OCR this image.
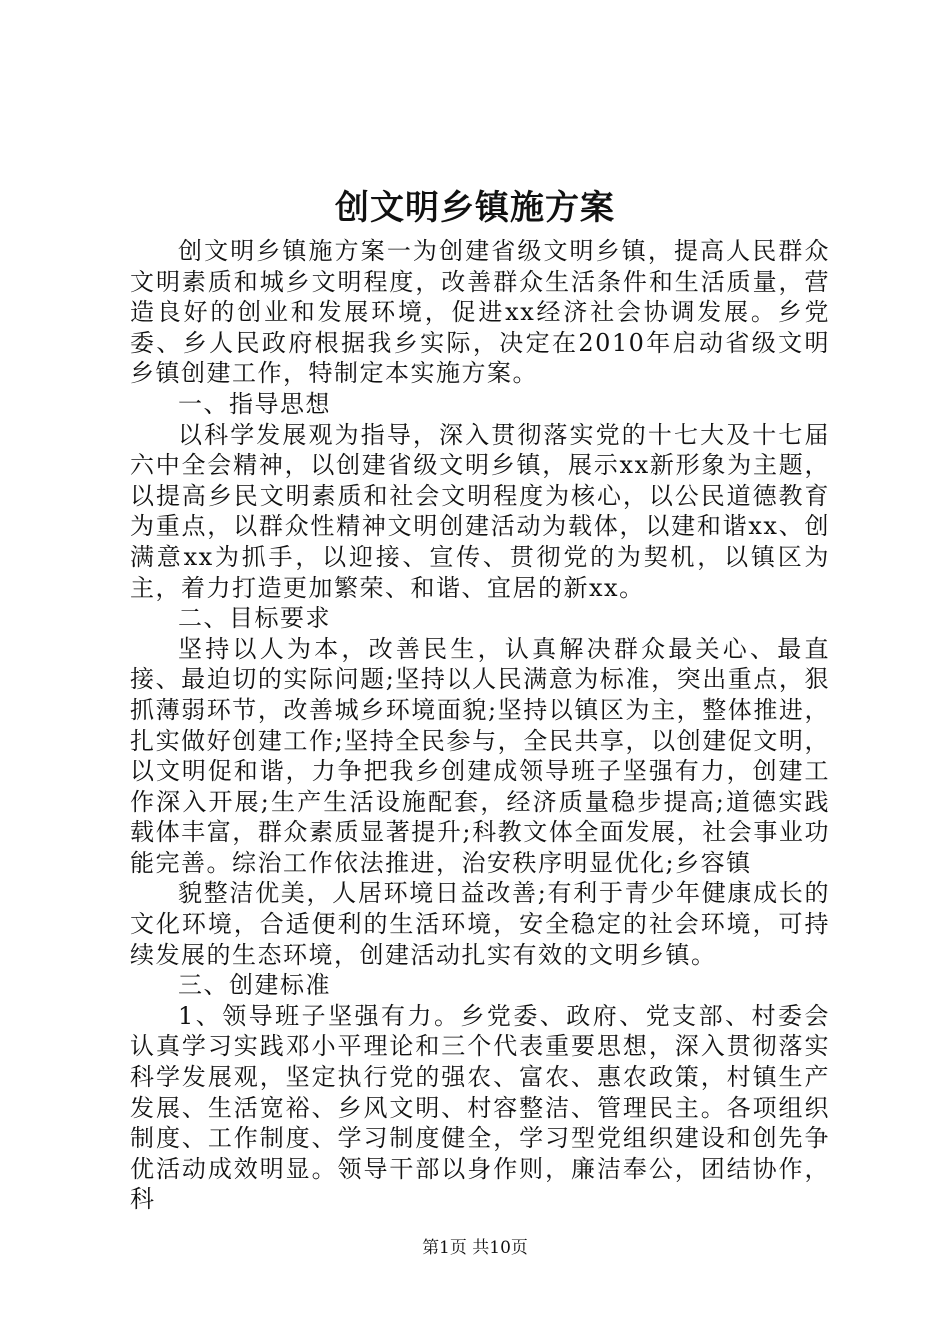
创文明乡镇施方案

创文明乡镇施方案一为创建省级文明乡镇，提高人民群众文明素质和城乡文明程度，改善群众生活条件和生活质量，营造良好的创业和发展环境，促进xx经济社会协调发展。乡党委、乡人民政府根据我乡实际，决定在2010年启动省级文明乡镇创建工作，特制定本实施方案。

一、指导思想

以科学发展观为指导，深入贯彻落实党的十七大及十七届六中全会精神，以创建省级文明乡镇，展示xx新形象为主题，以提高乡民文明素质和社会文明程度为核心，以公民道德教育为重点，以群众性精神文明创建活动为载体，以建和谐xx、创满意xx为抓手，以迎接、宣传、贯彻党的为契机，以镇区为主，着力打造更加繁荣、和谐、宜居的新xx。

二、目标要求

坚持以人为本，改善民生，认真解决群众最关心、最直接、最迫切的实际问题;坚持以人民满意为标准，突出重点，狠抓薄弱环节，改善城乡环境面貌;坚持以镇区为主，整体推进，扎实做好创建工作;坚持全民参与，全民共享，以创建促文明，以文明促和谐，力争把我乡创建成领导班子坚强有力，创建工作深入开展;生产生活设施配套，经济质量稳步提高;道德实践载体丰富，群众素质显著提升;科教文体全面发展，社会事业功能完善。综治工作依法推进，治安秩序明显优化;乡容镇

貌整洁优美，人居环境日益改善;有利于青少年健康成长的文化环境，合适便利的生活环境，安全稳定的社会环境，可持续发展的生态环境，创建活动扎实有效的文明乡镇。

三、创建标准

1、领导班子坚强有力。乡党委、政府、党支部、村委会认真学习实践邓小平理论和三个代表重要思想，深入贯彻落实科学发展观，坚定执行党的强农、富农、惠农政策，村镇生产发展、生活宽裕、乡风文明、村容整洁、管理民主。各项组织制度、工作制度、学习制度健全，学习型党组织建设和创先争优活动成效明显。领导干部以身作则，廉洁奉公，团结协作，科

第1页 共10页
